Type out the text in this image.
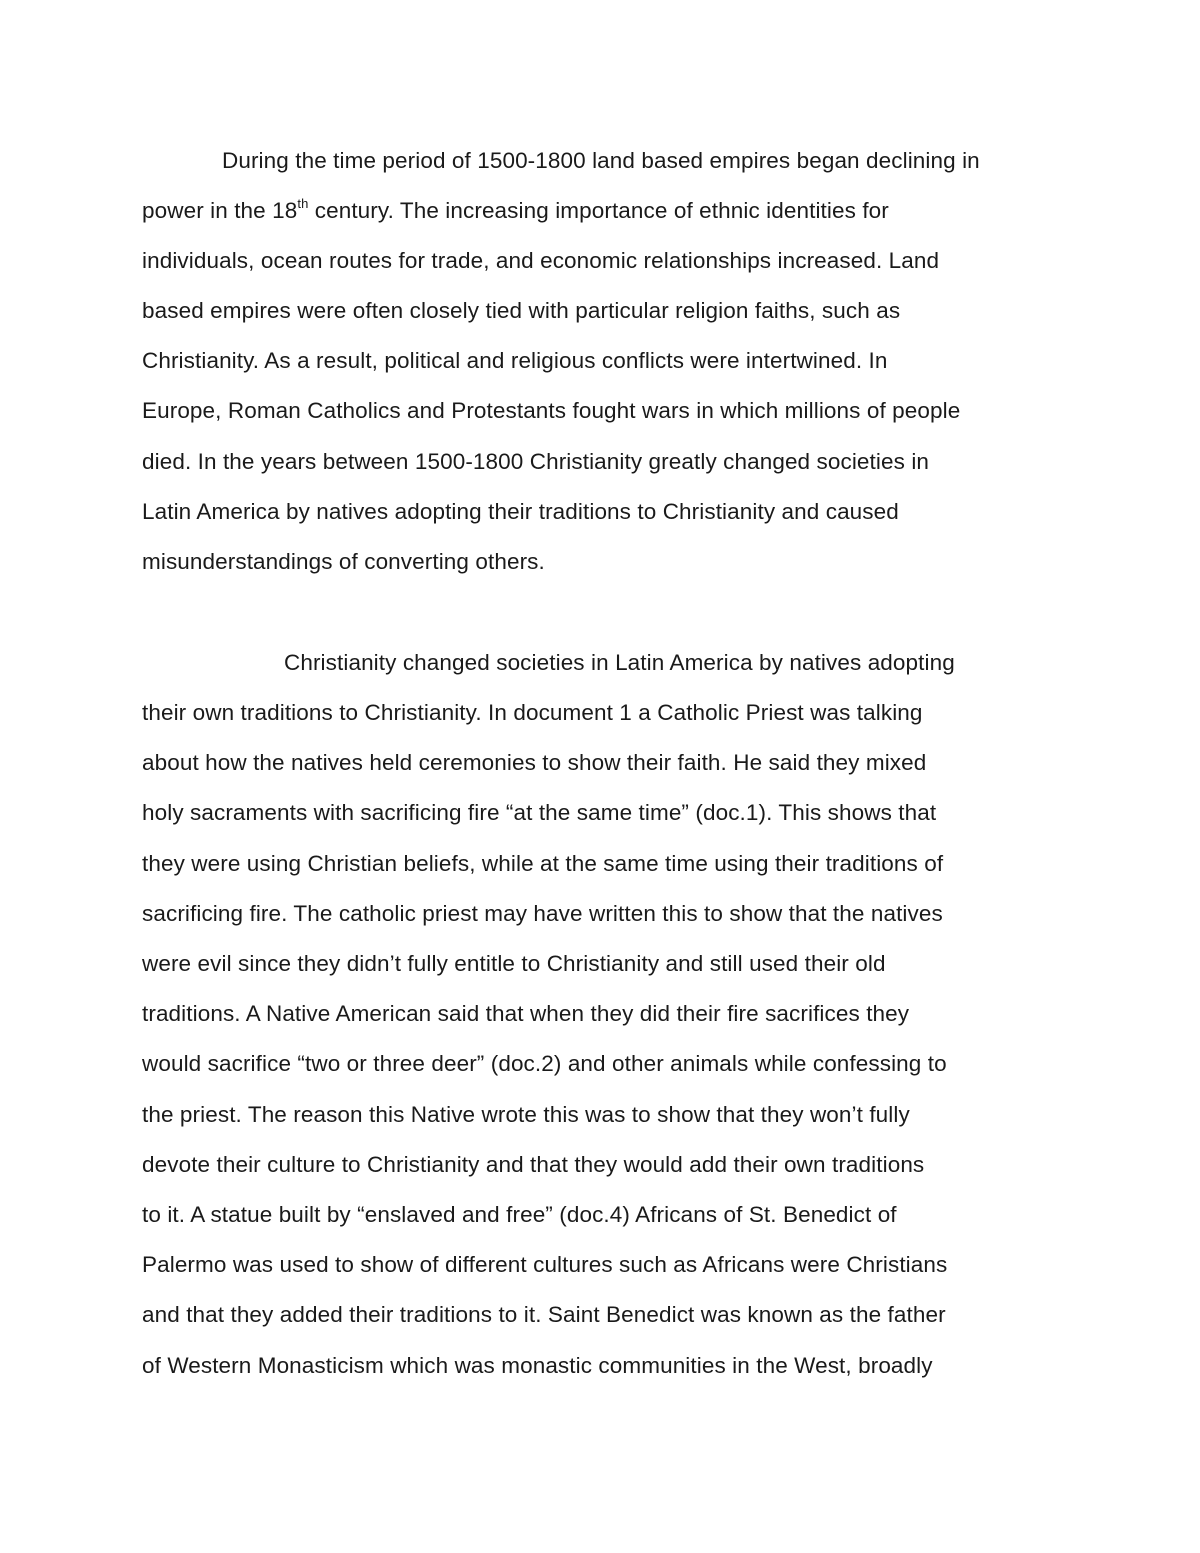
During the time period of 1500-1800 land based empires began declining in
power in the 18th century. The increasing importance of ethnic identities for
individuals, ocean routes for trade, and economic relationships increased. Land
based empires were often closely tied with particular religion faiths, such as
Christianity. As a result, political and religious conflicts were intertwined. In
Europe, Roman Catholics and Protestants fought wars in which millions of people
died. In the years between 1500-1800 Christianity greatly changed societies in
Latin America by natives adopting their traditions to Christianity and caused
misunderstandings of converting others.
Christianity changed societies in Latin America by natives adopting
their own traditions to Christianity. In document 1 a Catholic Priest was talking
about how the natives held ceremonies to show their faith. He said they mixed
holy sacraments with sacrificing fire “at the same time” (doc.1). This shows that
they were using Christian beliefs, while at the same time using their traditions of
sacrificing fire. The catholic priest may have written this to show that the natives
were evil since they didn’t fully entitle to Christianity and still used their old
traditions. A Native American said that when they did their fire sacrifices they
would sacrifice “two or three deer” (doc.2) and other animals while confessing to
the priest. The reason this Native wrote this was to show that they won’t fully
devote their culture to Christianity and that they would add their own traditions
to it. A statue built by “enslaved and free” (doc.4) Africans of St. Benedict of
Palermo was used to show of different cultures such as Africans were Christians
and that they added their traditions to it. Saint Benedict was known as the father
of Western Monasticism which was monastic communities in the West, broadly
